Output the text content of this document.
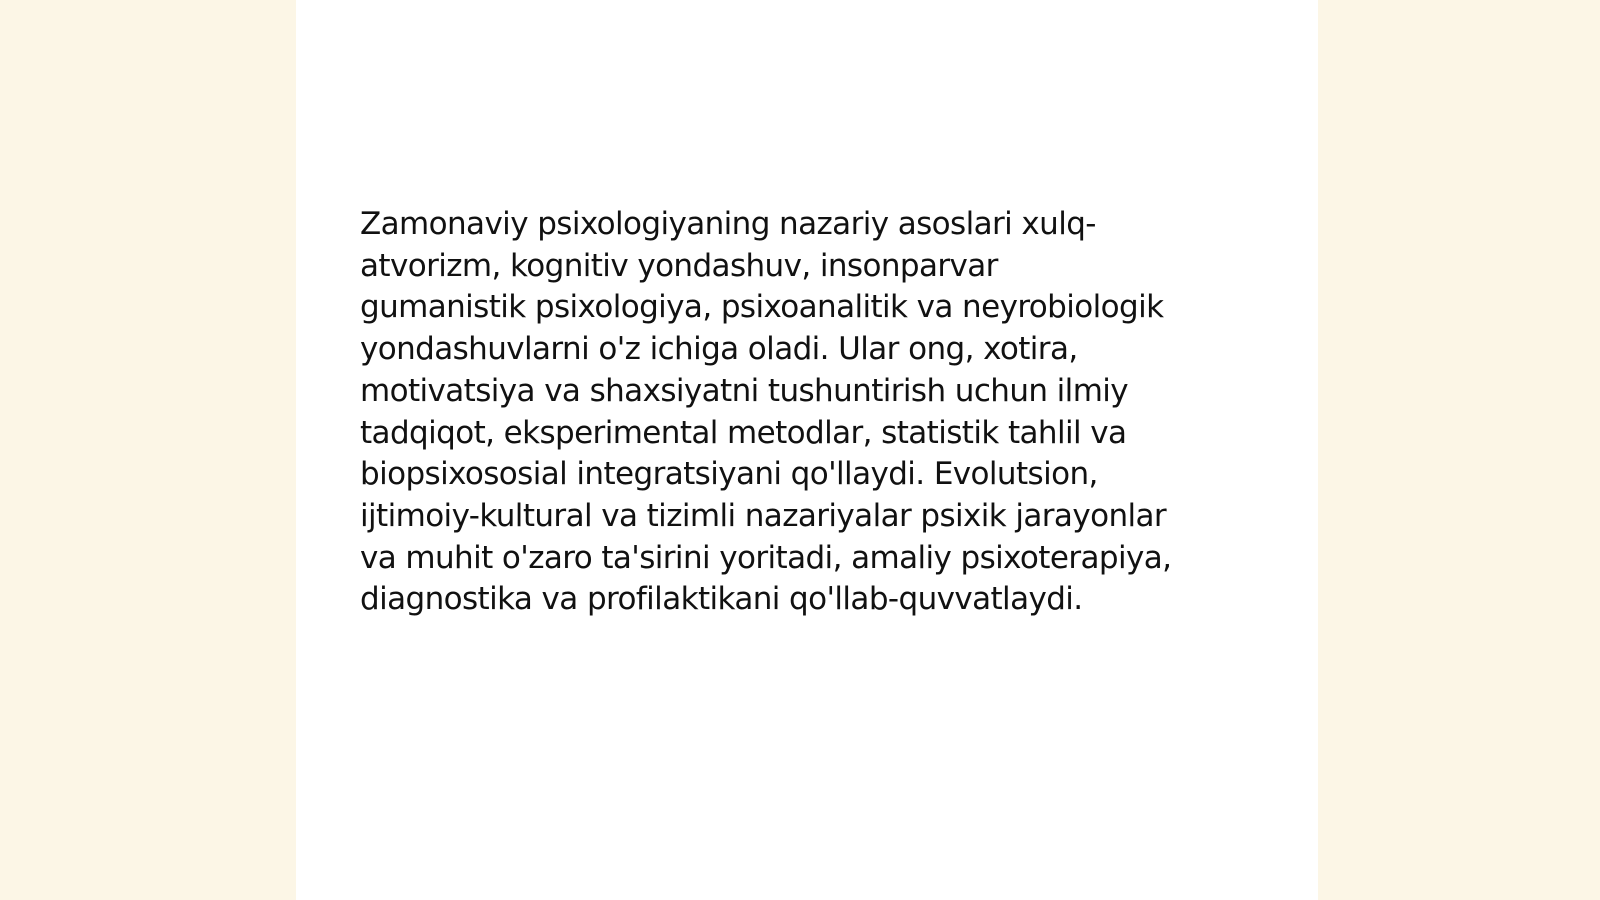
Zamonaviy psixologiyaning nazariy asoslari xulq-
atvorizm, kognitiv yondashuv, insonparvar
gumanistik psixologiya, psixoanalitik va neyrobiologik
yondashuvlarni o'z ichiga oladi. Ular ong, xotira,
motivatsiya va shaxsiyatni tushuntirish uchun ilmiy
tadqiqot, eksperimental metodlar, statistik tahlil va
biopsixososial integratsiyani qo'llaydi. Evolutsion,
ijtimoiy-kultural va tizimli nazariyalar psixik jarayonlar
va muhit o'zaro ta'sirini yoritadi, amaliy psixoterapiya,
diagnostika va profilaktikani qo'llab-quvvatlaydi.
